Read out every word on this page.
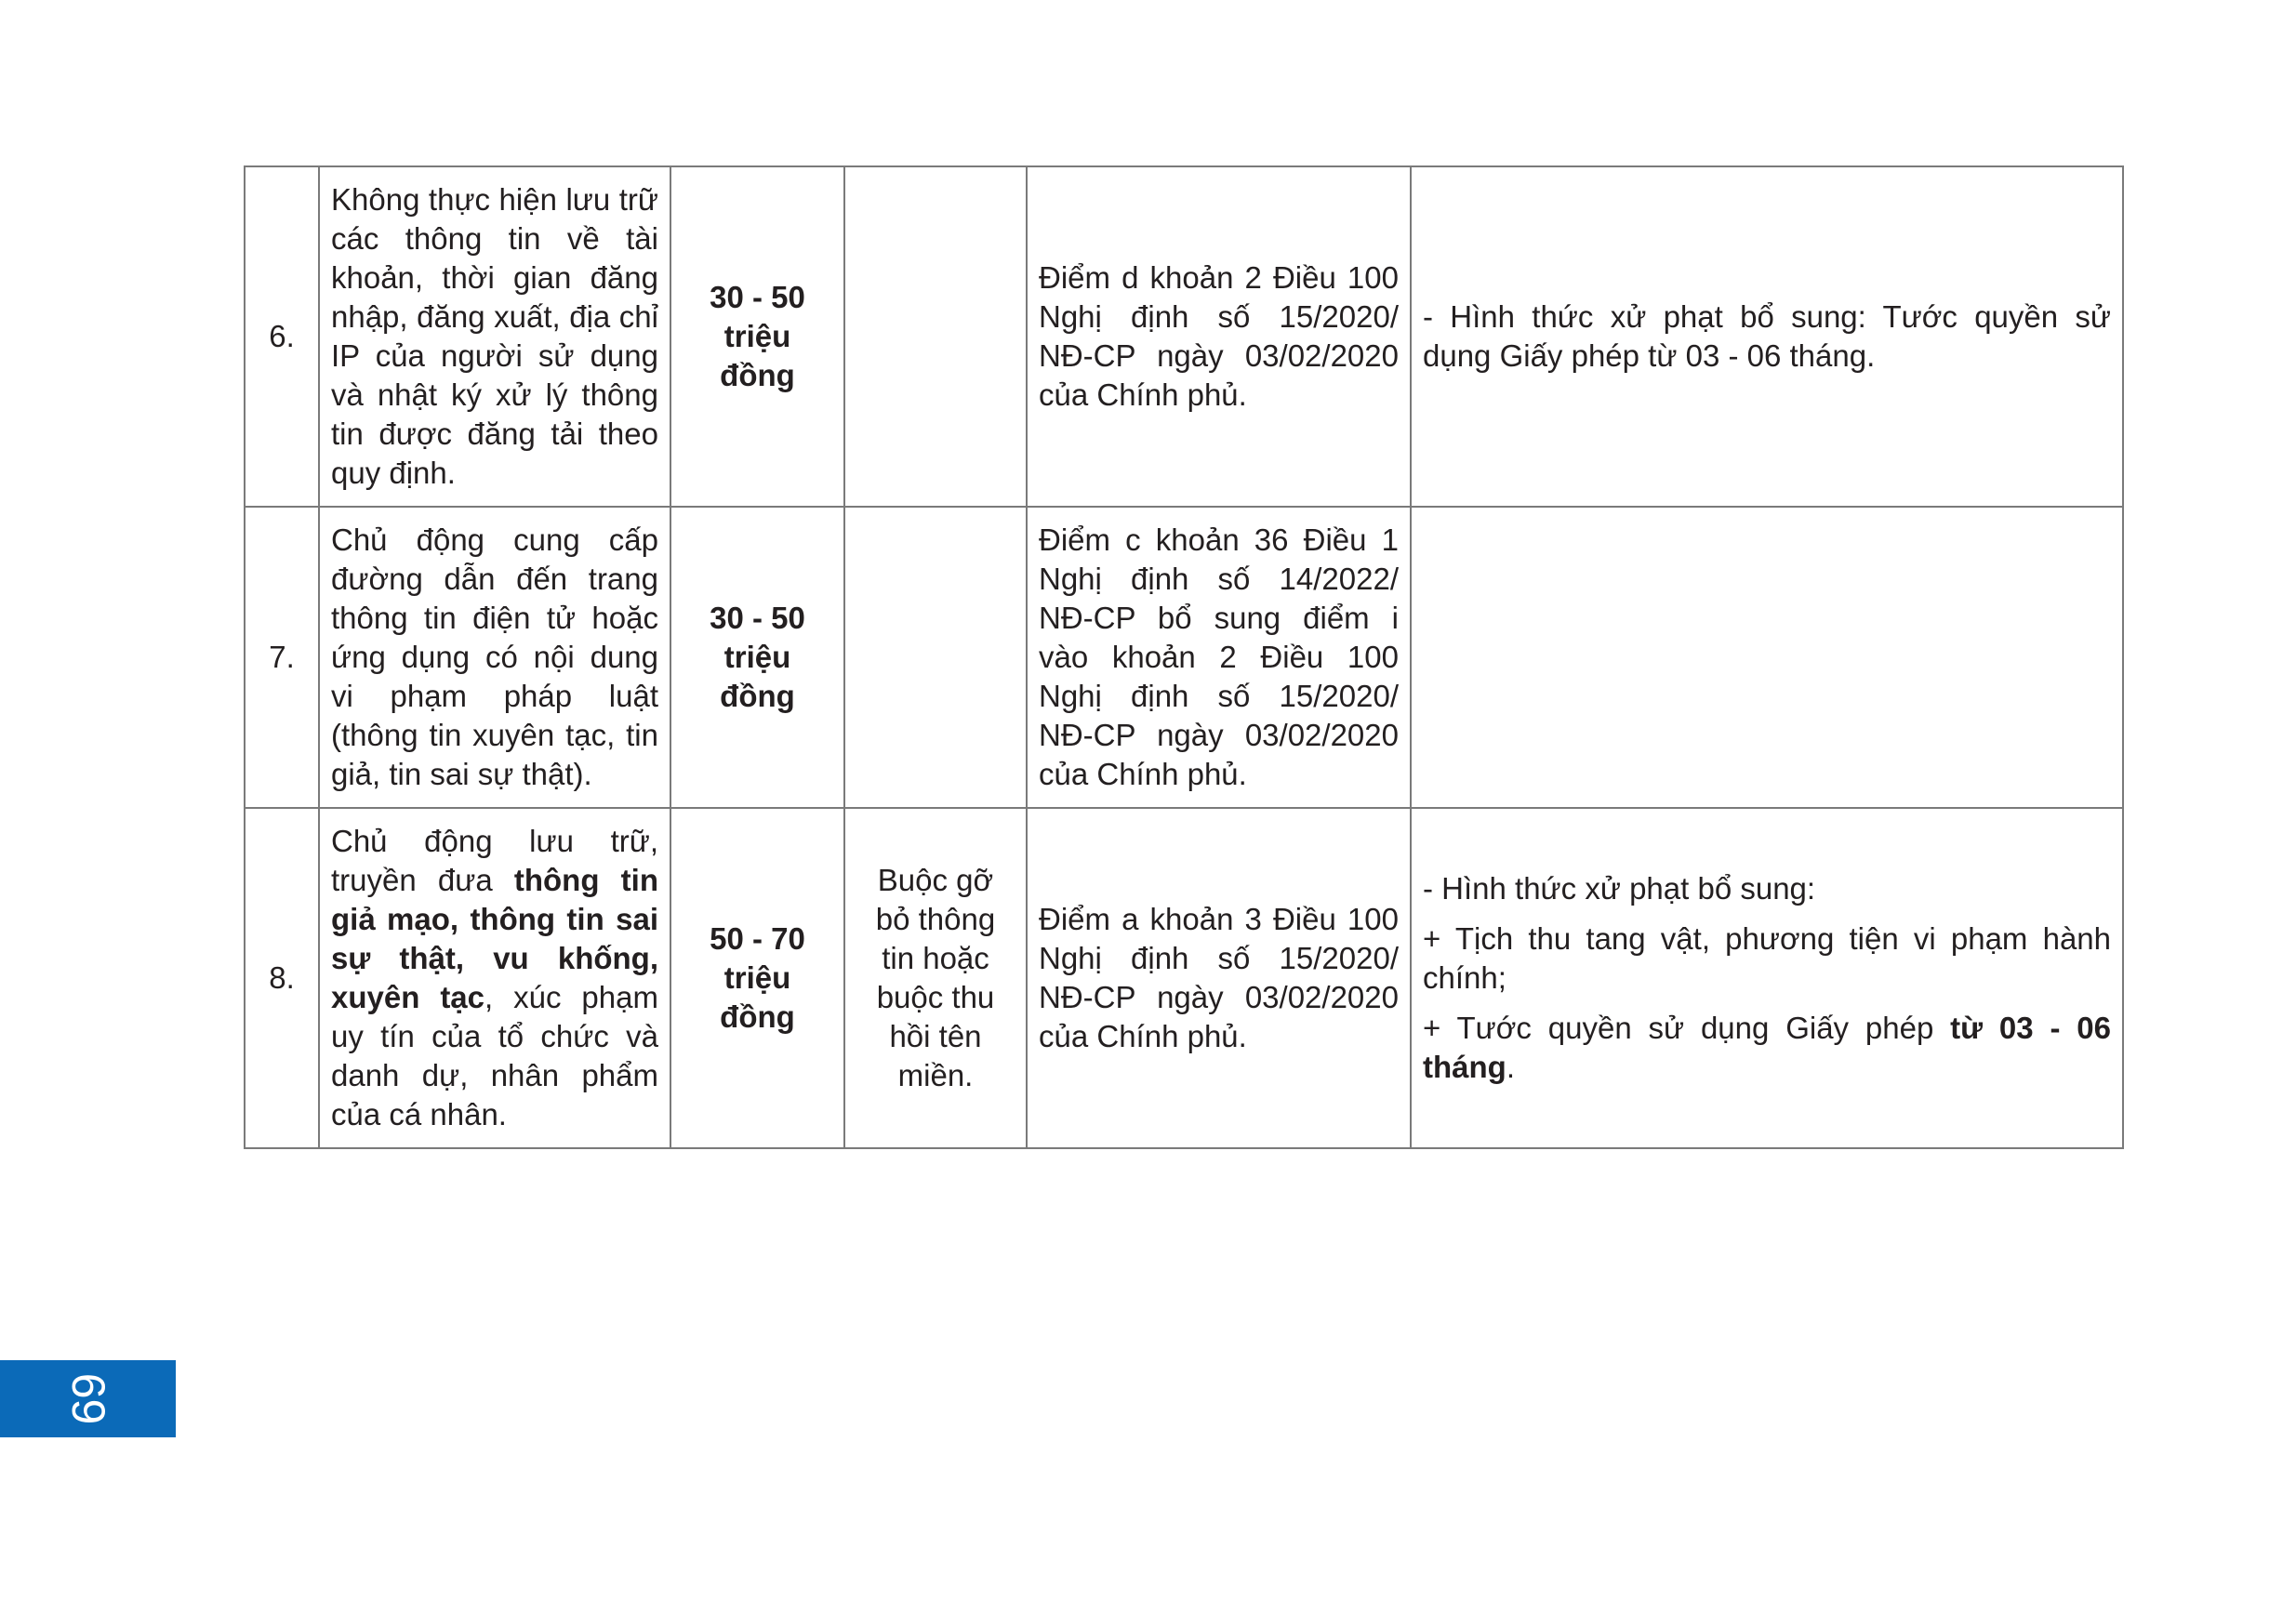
6.	Không thực hiện lưu trữ các thông tin về tài khoản, thời gian đăng nhập, đăng xuất, địa chỉ IP của người sử dụng và nhật ký xử lý thông tin được đăng tải theo quy định.	30 - 50 triệu đồng		Điểm d khoản 2 Điều 100 Nghị định số 15/2020/ NĐ-CP ngày 03/02/2020 của Chính phủ.	- Hình thức xử phạt bổ sung: Tước quyền sử dụng Giấy phép từ 03 - 06 tháng.
7.	Chủ động cung cấp đường dẫn đến trang thông tin điện tử hoặc ứng dụng có nội dung vi phạm pháp luật (thông tin xuyên tạc, tin giả, tin sai sự thật).	30 - 50 triệu đồng		Điểm c khoản 36 Điều 1 Nghị định số 14/2022/ NĐ-CP bổ sung điểm i vào khoản 2 Điều 100 Nghị định số 15/2020/ NĐ-CP ngày 03/02/2020 của Chính phủ.	
8.	Chủ động lưu trữ, truyền đưa thông tin giả mạo, thông tin sai sự thật, vu khống, xuyên tạc, xúc phạm uy tín của tổ chức và danh dự, nhân phẩm của cá nhân.	50 - 70 triệu đồng	Buộc gỡ bỏ thông tin hoặc buộc thu hồi tên miền.	Điểm a khoản 3 Điều 100 Nghị định số 15/2020/ NĐ-CP ngày 03/02/2020 của Chính phủ.	- Hình thức xử phạt bổ sung:

+ Tịch thu tang vật, phương tiện vi phạm hành chính;

+ Tước quyền sử dụng Giấy phép từ 03 - 06 tháng.

69
